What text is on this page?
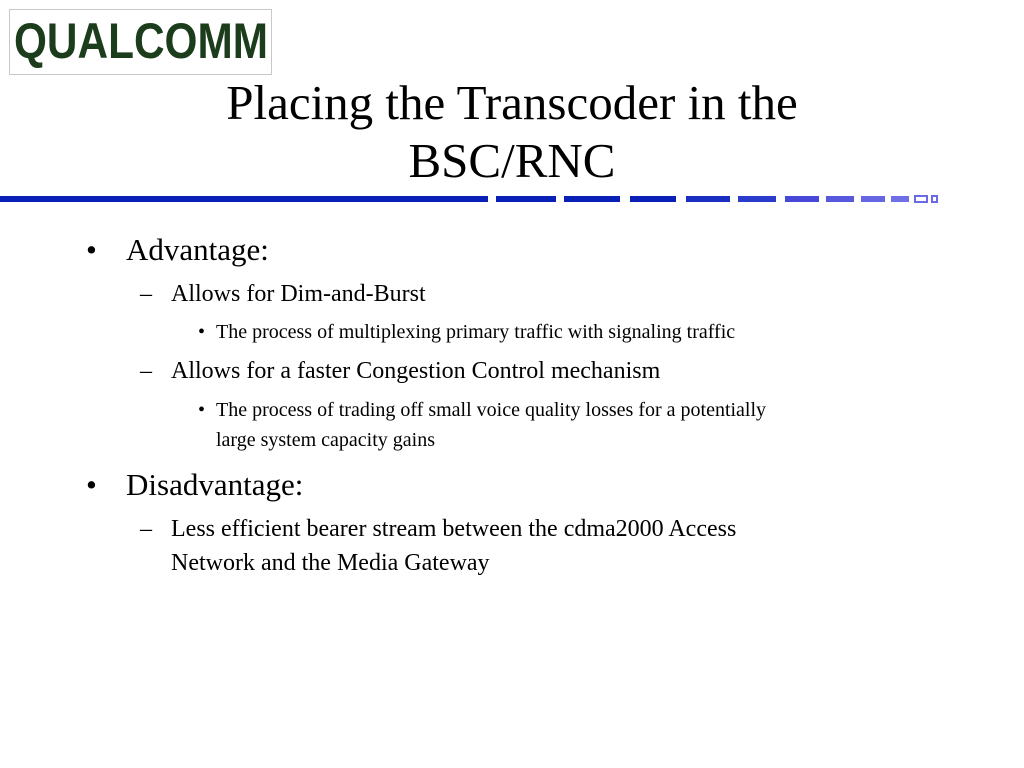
QUALCOMM
Placing the Transcoder in the
BSC/RNC
• Advantage:
– Allows for Dim-and-Burst
• The process of multiplexing primary traffic with signaling traffic
– Allows for a faster Congestion Control mechanism
• The process of trading off small voice quality losses for a potentially
large system capacity gains
• Disadvantage:
– Less efficient bearer stream between the cdma2000 Access
Network and the Media Gateway
